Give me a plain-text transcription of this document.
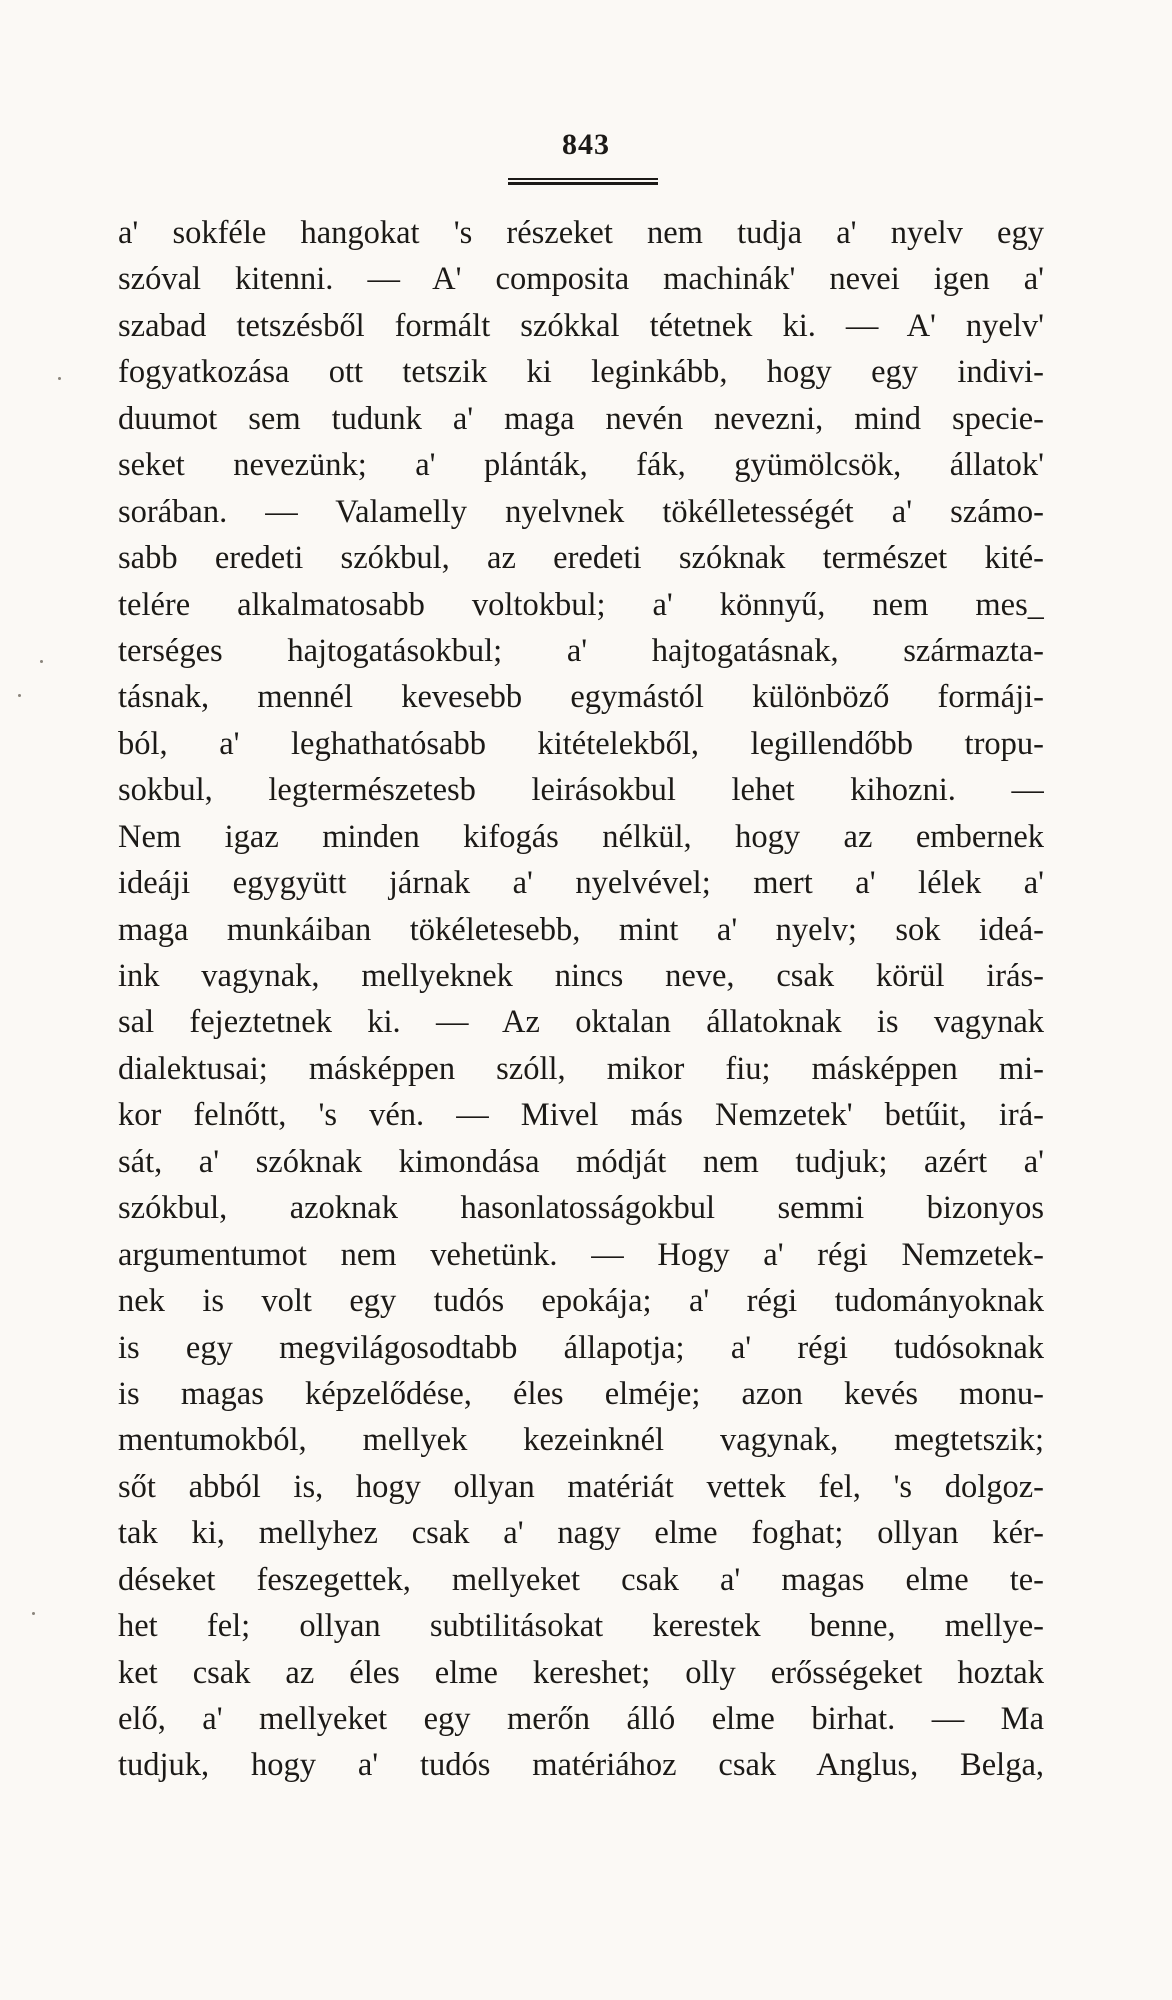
843
a' sokféle hangokat 's részeket nem tudja a' nyelv egy
szóval kitenni. — A' composita machinák' nevei igen a'
szabad tetszésből formált szókkal tétetnek ki. — A' nyelv'
fogyatkozása ott tetszik ki leginkább, hogy egy indivi-
duumot sem tudunk a' maga nevén nevezni, mind specie-
seket nevezünk; a' plánták, fák, gyümölcsök, állatok'
sorában. — Valamelly nyelvnek tökélletességét a' számo-
sabb eredeti szókbul, az eredeti szóknak természet kité-
telére alkalmatosabb voltokbul; a' könnyű, nem mes_
terséges hajtogatásokbul; a' hajtogatásnak, származta-
tásnak, mennél kevesebb egymástól különböző formáji-
ból, a' leghathatósabb kitételekből, legillendőbb tropu-
sokbul, legtermészetesb leirásokbul lehet kihozni. —
Nem igaz minden kifogás nélkül, hogy az embernek
ideáji egygyütt járnak a' nyelvével; mert a' lélek a'
maga munkáiban tökéletesebb, mint a' nyelv; sok ideá-
ink vagynak, mellyeknek nincs neve, csak körül irás-
sal fejeztetnek ki. — Az oktalan állatoknak is vagynak
dialektusai; másképpen szóll, mikor fiu; másképpen mi-
kor felnőtt, 's vén. — Mivel más Nemzetek' betűit, irá-
sát, a' szóknak kimondása módját nem tudjuk; azért a'
szókbul, azoknak hasonlatosságokbul semmi bizonyos
argumentumot nem vehetünk. — Hogy a' régi Nemzetek-
nek is volt egy tudós epokája; a' régi tudományoknak
is egy megvilágosodtabb állapotja; a' régi tudósoknak
is magas képzelődése, éles elméje; azon kevés monu-
mentumokból, mellyek kezeinknél vagynak, megtetszik;
sőt abból is, hogy ollyan matériát vettek fel, 's dolgoz-
tak ki, mellyhez csak a' nagy elme foghat; ollyan kér-
déseket feszegettek, mellyeket csak a' magas elme te-
het fel; ollyan subtilitásokat kerestek benne, mellye-
ket csak az éles elme kereshet; olly erősségeket hoztak
elő, a' mellyeket egy merőn álló elme birhat. — Ma
tudjuk, hogy a' tudós matériához csak Anglus, Belga,
